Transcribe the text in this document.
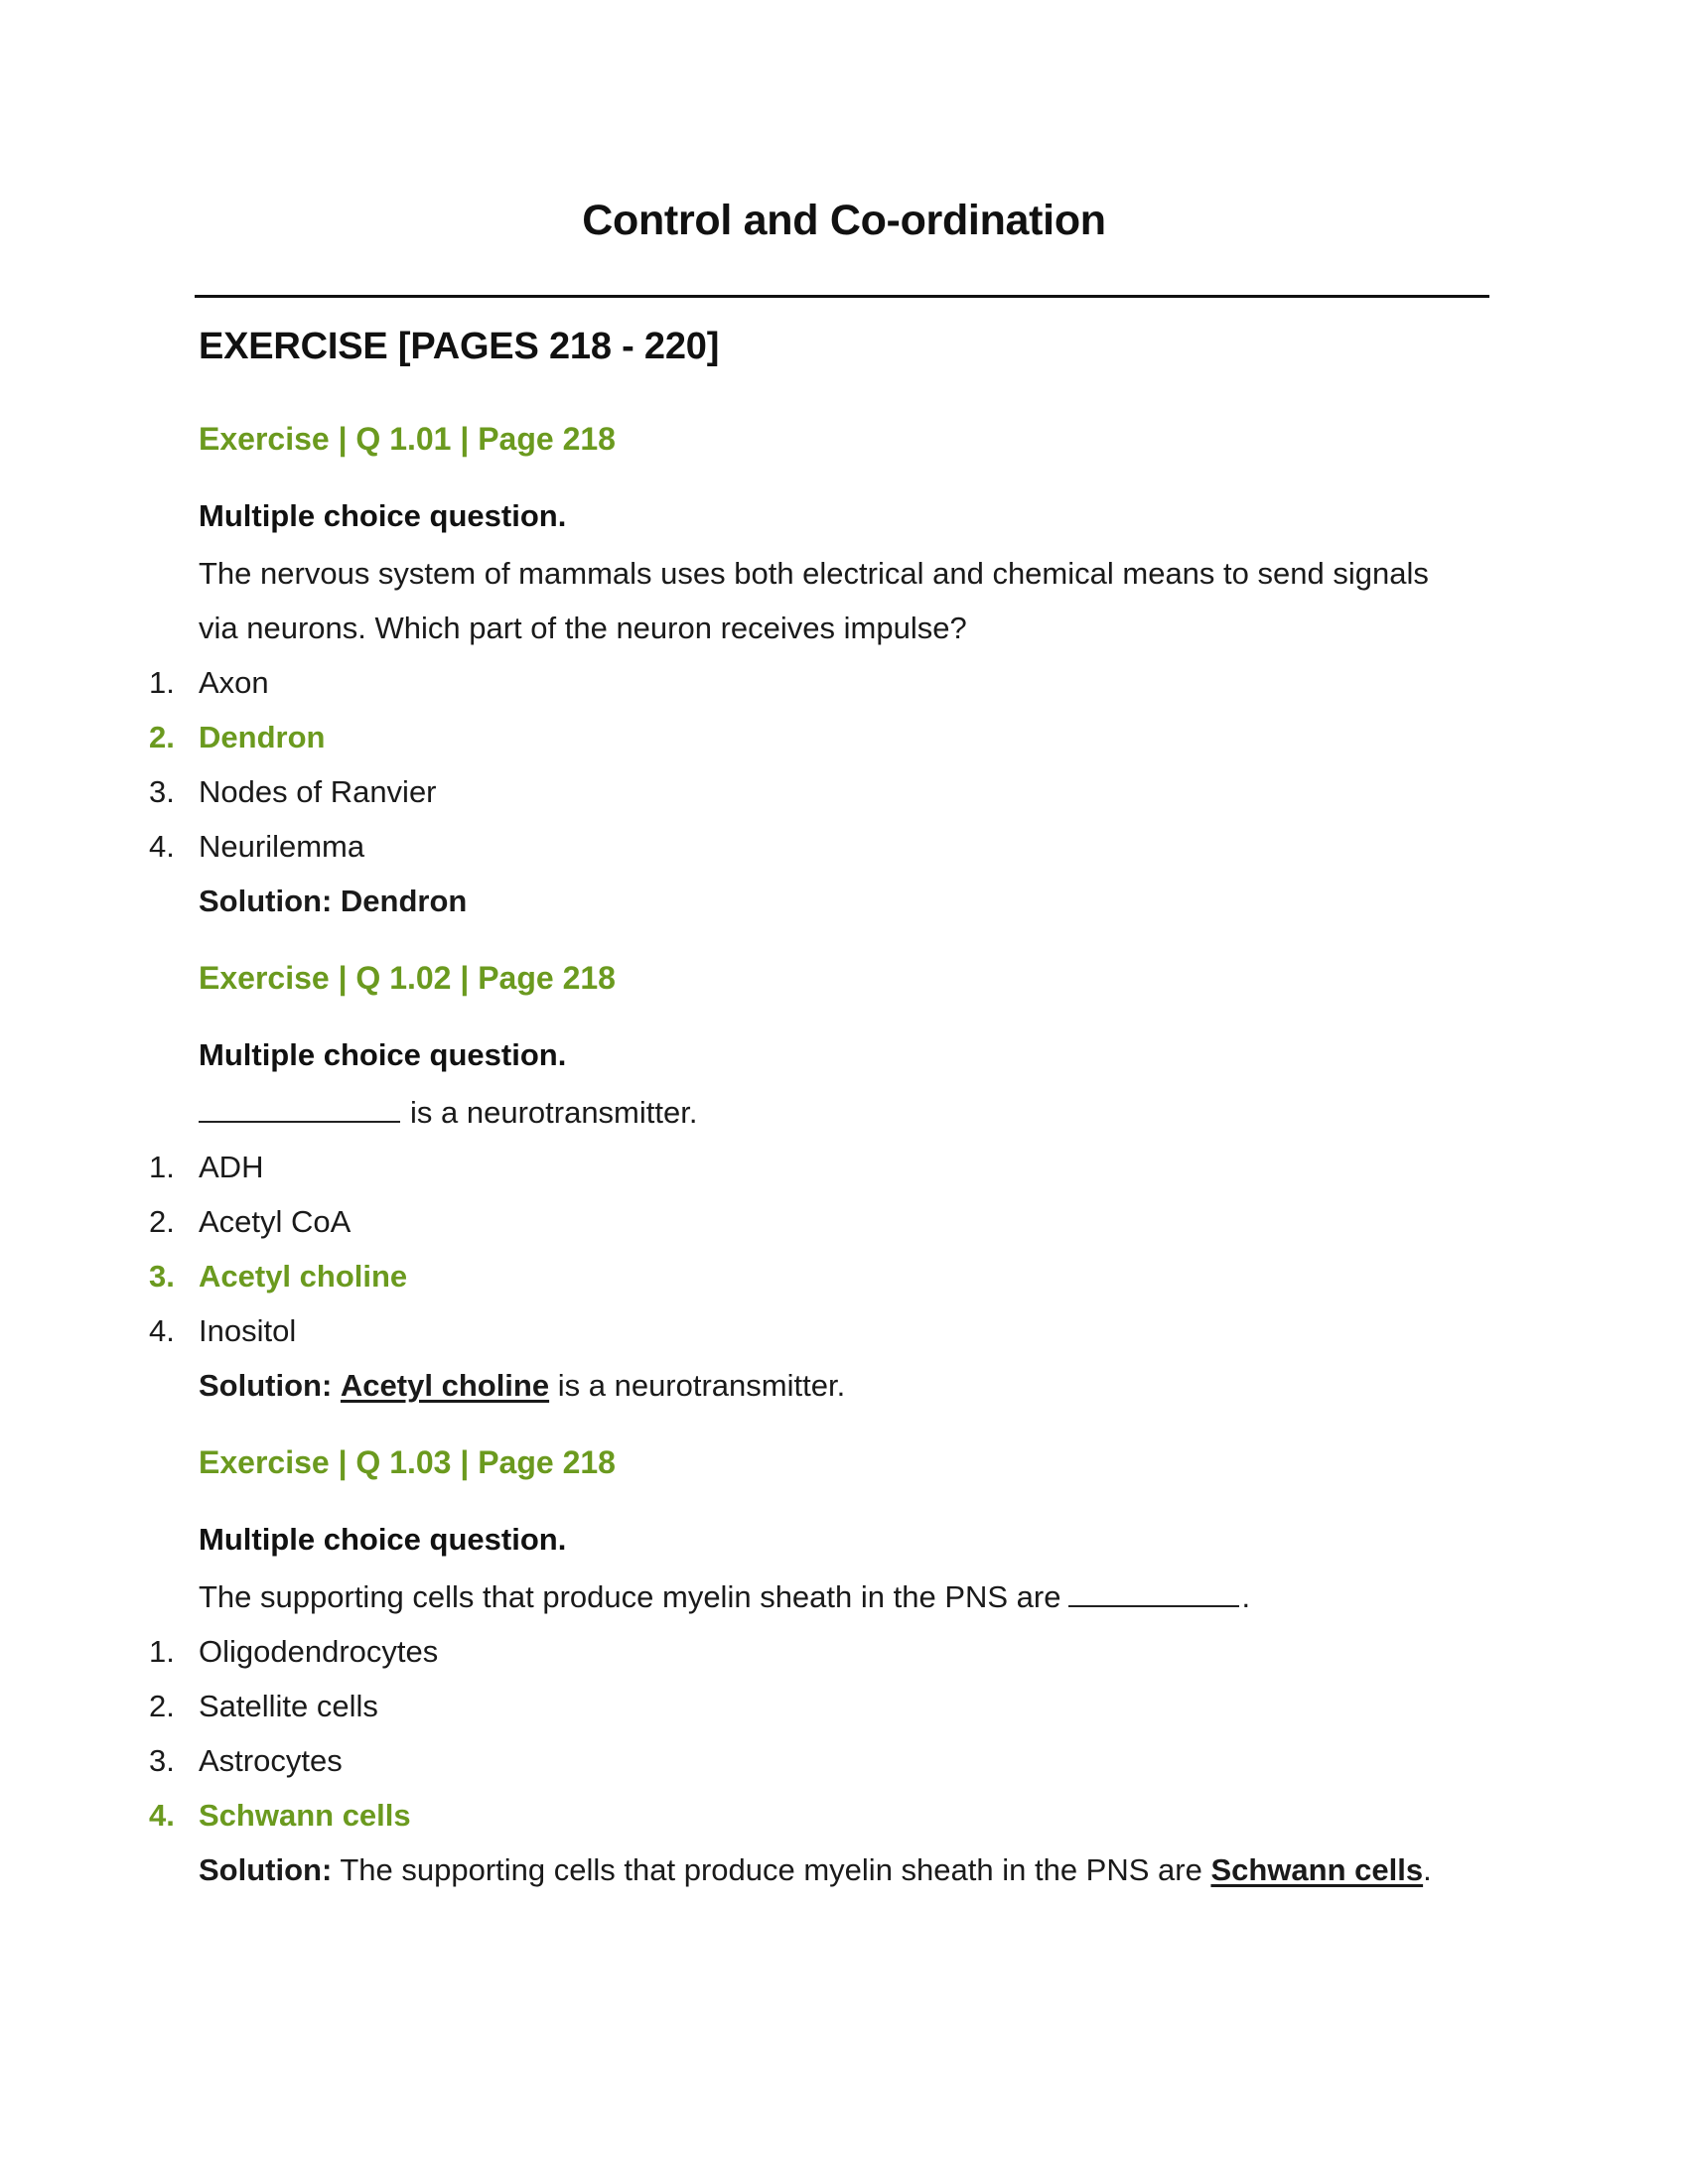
Control and Co-ordination
EXERCISE [PAGES 218 - 220]
Exercise | Q 1.01 | Page 218
Multiple choice question.

The nervous system of mammals uses both electrical and chemical means to send signals via neurons. Which part of the neuron receives impulse?

1. Axon
2. Dendron
3. Nodes of Ranvier
4. Neurilemma

Solution: Dendron

Exercise | Q 1.02 | Page 218
Multiple choice question.

is a neurotransmitter.

1. ADH
2. Acetyl CoA
3. Acetyl choline
4. Inositol

Solution: Acetyl choline is a neurotransmitter.

Exercise | Q 1.03 | Page 218
Multiple choice question.

The supporting cells that produce myelin sheath in the PNS are	.

1. Oligodendrocytes
2. Satellite cells
3. Astrocytes
4. Schwann cells

Solution: The supporting cells that produce myelin sheath in the PNS are Schwann cells.
